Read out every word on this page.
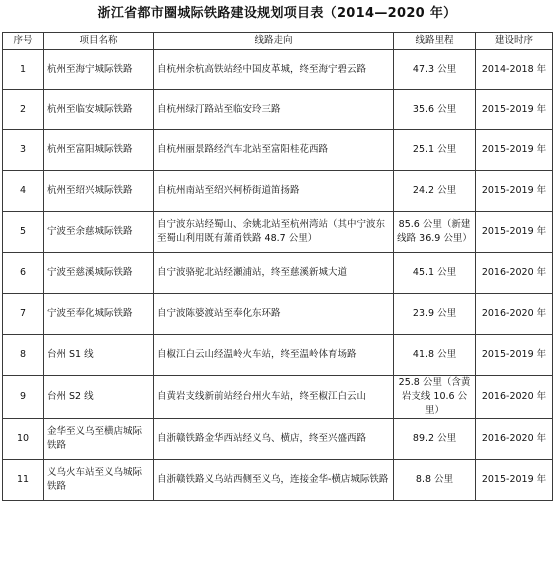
浙江省都市圈城际铁路建设规划项目表（2014—2020 年）
序号	项目名称	线路走向	线路里程	建设时序
1	杭州至海宁城际铁路	自杭州余杭高铁站经中国皮革城，终至海宁碧云路	47.3 公里	2014-2018 年
2	杭州至临安城际铁路	自杭州绿汀路站至临安玲三路	35.6 公里	2015-2019 年
3	杭州至富阳城际铁路	自杭州丽景路经汽车北站至富阳桂花西路	25.1 公里	2015-2019 年
4	杭州至绍兴城际铁路	自杭州南站至绍兴柯桥街道笛扬路	24.2 公里	2015-2019 年
5	宁波至余慈城际铁路	自宁波东站经蜀山、余姚北站至杭州湾站（其中宁波东至蜀山利用既有萧甬铁路 48.7 公里）	85.6 公里（新建线路 36.9 公里）	2015-2019 年
6	宁波至慈溪城际铁路	自宁波骆驼北站经瀬浦站，终至慈溪新城大道	45.1 公里	2016-2020 年
7	宁波至奉化城际铁路	自宁波陈婆渡站至奉化东环路	23.9 公里	2016-2020 年
8	台州 S1 线	自椒江白云山经温岭火车站，终至温岭体育场路	41.8 公里	2015-2019 年
9	台州 S2 线	自黄岩支线新前站经台州火车站，终至椒江白云山	25.8 公里（含黄岩支线 10.6 公里）	2016-2020 年
10	金华至义乌至横店城际铁路	自浙赣铁路金华西站经义乌、横店，终至兴盛西路	89.2 公里	2016-2020 年
11	义乌火车站至义乌城际铁路	自浙赣铁路义乌站西侧至义乌，连接金华-横店城际铁路	8.8 公里	2015-2019 年
